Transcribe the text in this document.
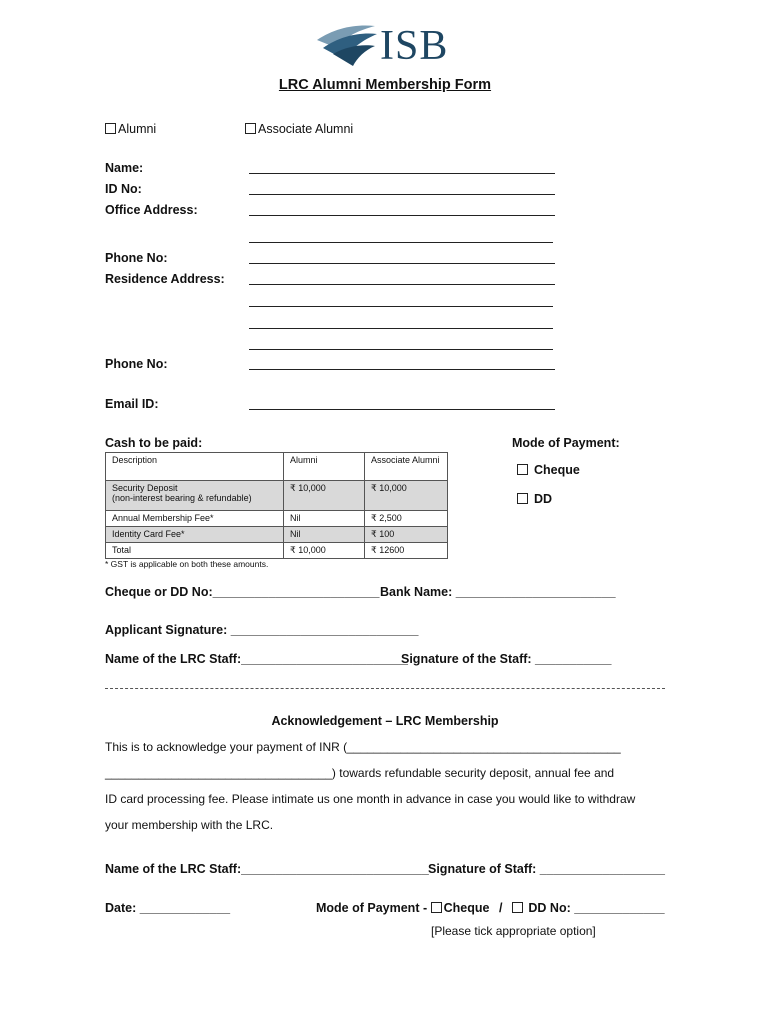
ISB
LRC Alumni Membership Form
Alumni	Associate Alumni
Name:
ID No:
Office Address:
Phone No:
Residence Address:
Phone No:
Email ID:
Cash to be paid:
Description	Alumni	Associate Alumni

Security Deposit
(non-interest bearing & refundable)	₹ 10,000	₹ 10,000
Annual Membership Fee*	Nil	₹ 2,500
Identity Card Fee*	Nil	₹ 100
Total	₹ 10,000	₹ 12600
* GST is applicable on both these amounts.
Mode of Payment:
Cheque
DD
Cheque or DD No:________________________ Bank Name: _______________________
Applicant Signature: ___________________________
Name of the LRC Staff:________________________
Signature of the Staff: ___________
Acknowledgement – LRC Membership
This is to acknowledge your payment of INR (_________________________________________
__________________________________) towards refundable security deposit, annual fee and
ID card processing fee. Please intimate us one month in advance in case you would like to withdraw
your membership with the LRC.
Name of the LRC Staff:___________________________ Signature of Staff: __________________
Date: _____________	Mode of Payment - Cheque / DD No: _____________
[Please tick appropriate option]
